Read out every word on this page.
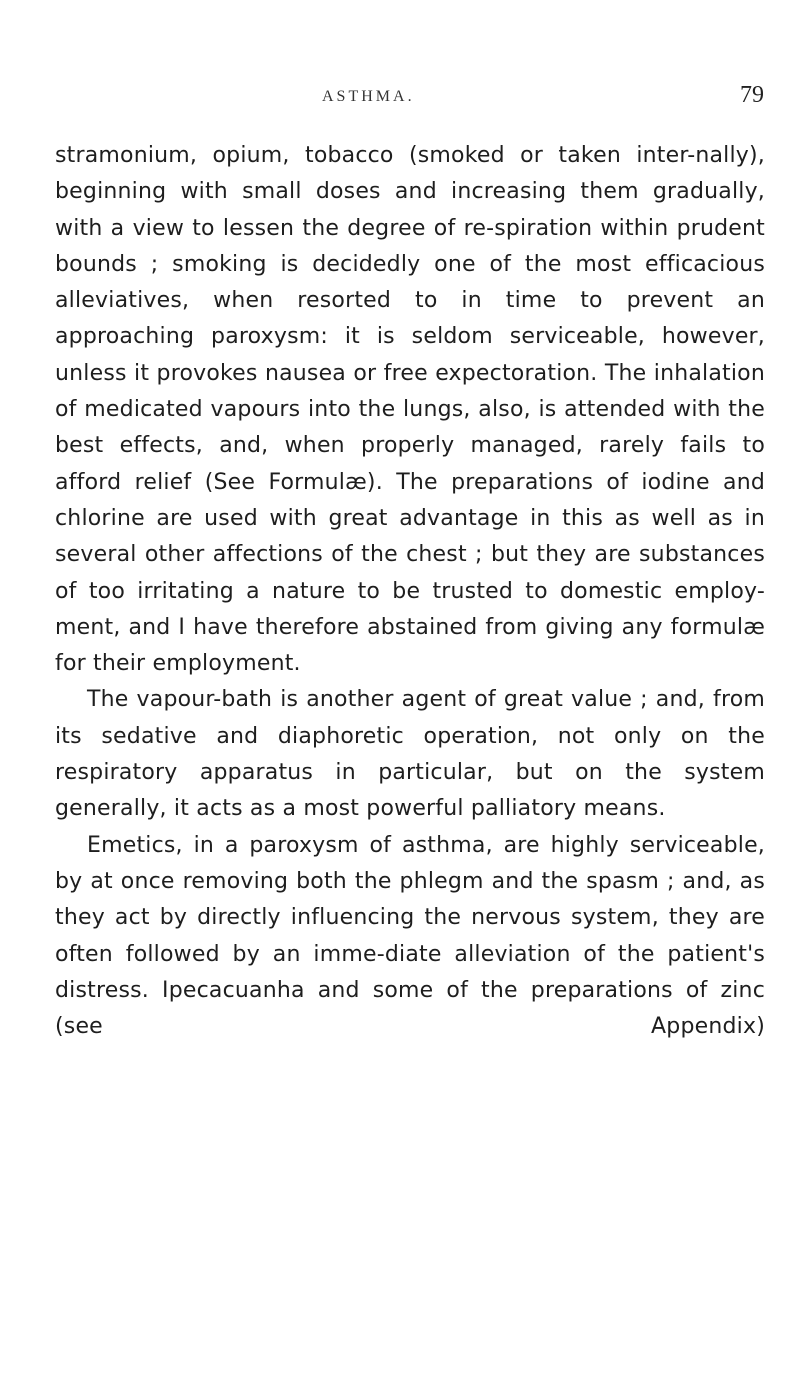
ASTHMA.	79

stramonium, opium, tobacco (smoked or taken inter-nally), beginning with small doses and increasing them gradually, with a view to lessen the degree of re-spiration within prudent bounds ; smoking is decidedly one of the most efficacious alleviatives, when resorted to in time to prevent an approaching paroxysm: it is seldom serviceable, however, unless it provokes nausea or free expectoration. The inhalation of medicated vapours into the lungs, also, is attended with the best effects, and, when properly managed, rarely fails to afford relief (See Formulæ). The preparations of iodine and chlorine are used with great advantage in this as well as in several other affections of the chest ; but they are substances of too irritating a nature to be trusted to domestic employ-ment, and I have therefore abstained from giving any formulæ for their employment.

The vapour-bath is another agent of great value ; and, from its sedative and diaphoretic operation, not only on the respiratory apparatus in particular, but on the system generally, it acts as a most powerful palliatory means.

Emetics, in a paroxysm of asthma, are highly serviceable, by at once removing both the phlegm and the spasm ; and, as they act by directly influencing the nervous system, they are often followed by an imme-diate alleviation of the patient's distress. Ipecacuanha and some of the preparations of zinc (see Appendix)
